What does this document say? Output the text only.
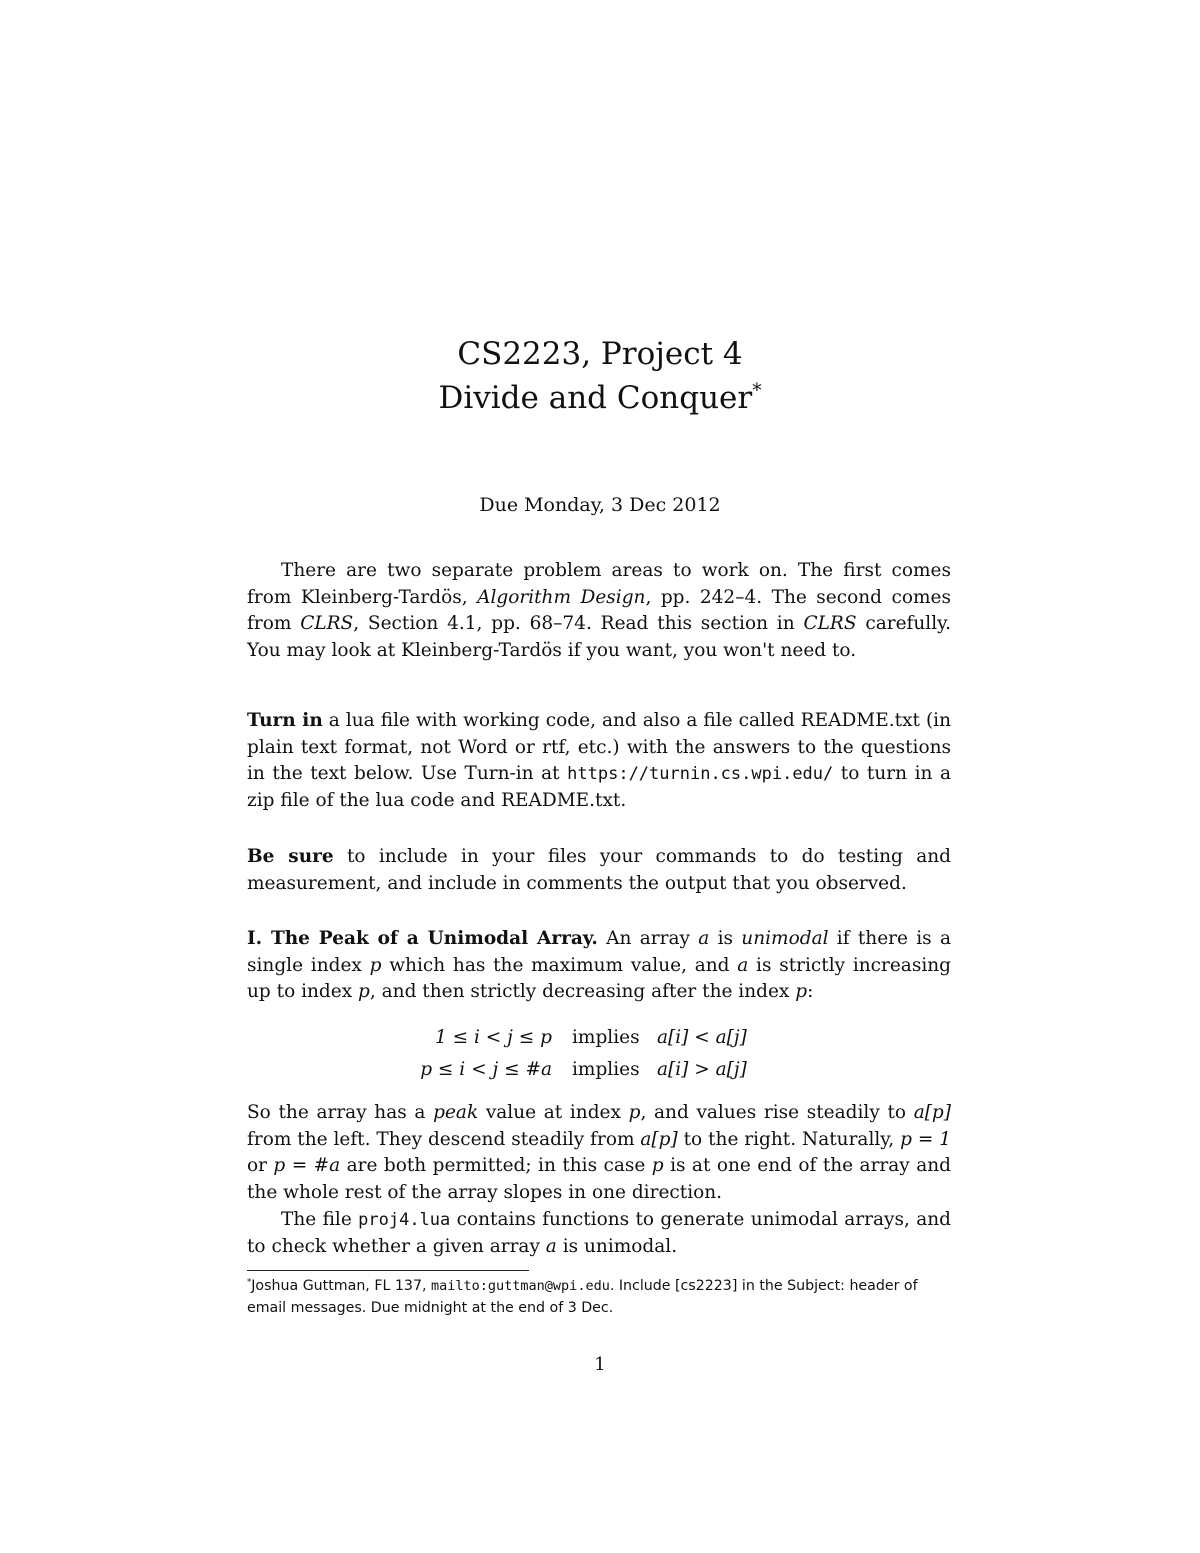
CS2223, Project 4
Divide and Conquer*
Due Monday, 3 Dec 2012

There are two separate problem areas to work on. The first comes from Kleinberg-Tardös, Algorithm Design, pp. 242–4. The second comes from CLRS, Section 4.1, pp. 68–74. Read this section in CLRS carefully. You may look at Kleinberg-Tardös if you want, you won't need to.

Turn in a lua file with working code, and also a file called README.txt (in plain text format, not Word or rtf, etc.) with the answers to the questions in the text below. Use Turn-in at https://turnin.cs.wpi.edu/ to turn in a zip file of the lua code and README.txt.

Be sure to include in your files your commands to do testing and measurement, and include in comments the output that you observed.

I. The Peak of a Unimodal Array. An array a is unimodal if there is a single index p which has the maximum value, and a is strictly increasing up to index p, and then strictly decreasing after the index p:

1 ≤ i < j ≤ p implies a[i] < a[j]
p ≤ i < j ≤ #a implies a[i] > a[j]

So the array has a peak value at index p, and values rise steadily to a[p] from the left. They descend steadily from a[p] to the right. Naturally, p = 1 or p = #a are both permitted; in this case p is at one end of the array and the whole rest of the array slopes in one direction.

The file proj4.lua contains functions to generate unimodal arrays, and to check whether a given array a is unimodal.

*Joshua Guttman, FL 137, mailto:guttman@wpi.edu. Include [cs2223] in the Subject: header of email messages. Due midnight at the end of 3 Dec.
1
